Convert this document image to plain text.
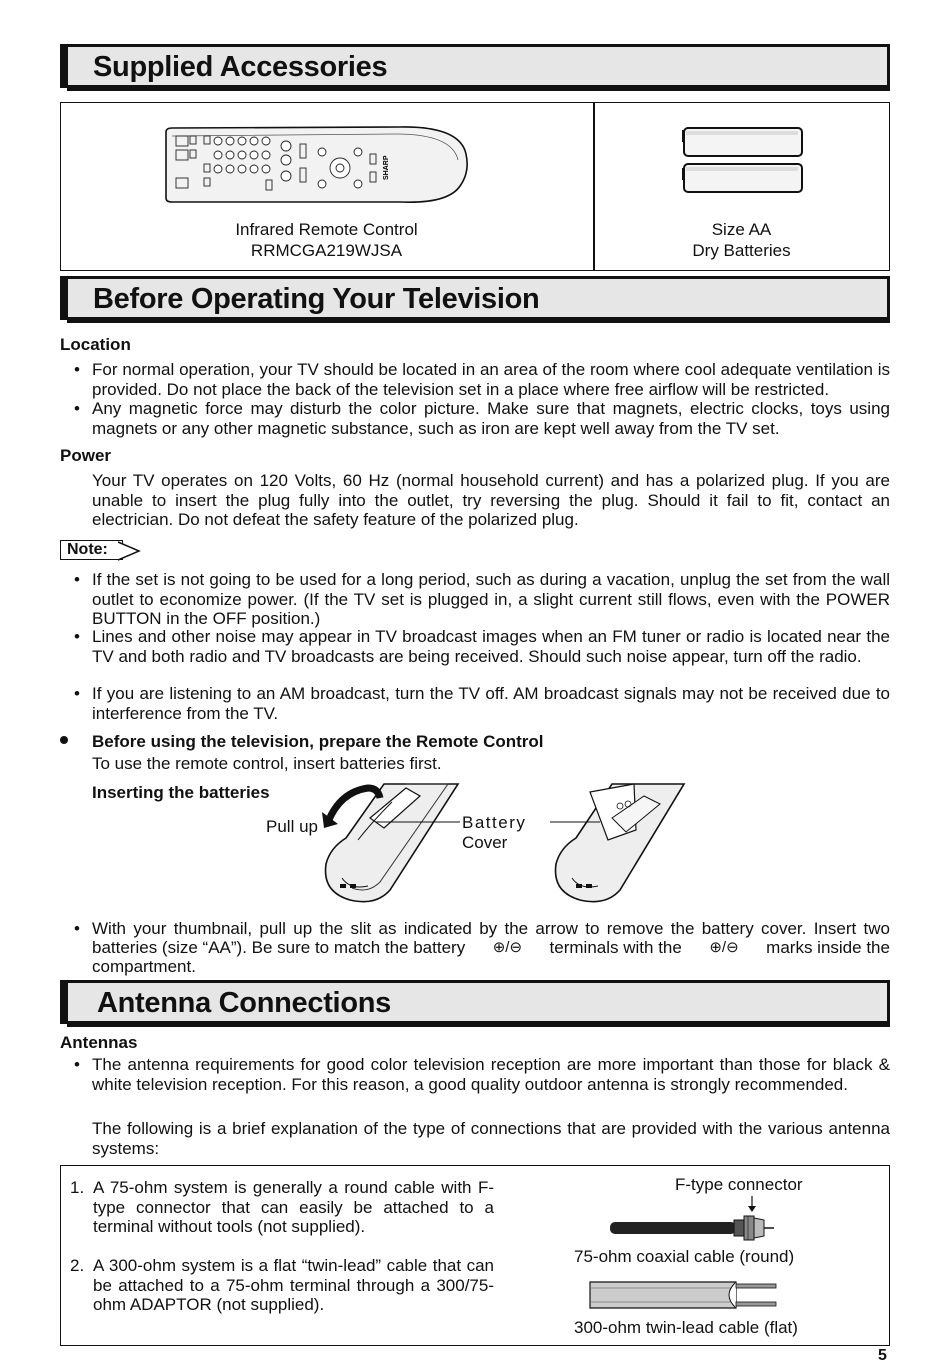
Supplied Accessories
SHARP
Infrared Remote Control
RRMCGA219WJSA
Size AA
Dry Batteries
Before Operating Your Television
Location
• For normal operation, your TV should be located in an area of the room where cool adequate ventilation is provided. Do not place the back of the television set in a place where free airflow will be restricted.
• Any magnetic force may disturb the color picture. Make sure that magnets, electric clocks, toys using magnets or any other magnetic substance, such as iron are kept well away from the TV set.
Power
Your TV operates on 120 Volts, 60 Hz (normal household current) and has a polarized plug. If you are unable to insert the plug fully into the outlet, try reversing the plug. Should it fail to fit, contact an electrician. Do not defeat the safety feature of the polarized plug.
Note:
• If the set is not going to be used for a long period, such as during a vacation, unplug the set from the wall outlet to economize power. (If the TV set is plugged in, a slight current still flows, even with the POWER BUTTON in the OFF position.)
• Lines and other noise may appear in TV broadcast images when an FM tuner or radio is located near the TV and both radio and TV broadcasts are being received. Should such noise appear, turn off the radio.
• If you are listening to an AM broadcast, turn the TV off. AM broadcast signals may not be received due to interference from the TV.
Before using the television, prepare the Remote Control
To use the remote control, insert batteries first.
Inserting the batteries
Pull up	Battery
Cover
• With your thumbnail, pull up the slit as indicated by the arrow to remove the battery cover. Insert two
batteries (size “AA”). Be sure to match the battery ⊕/⊖ terminals with the ⊕/⊖ marks inside the
compartment.
Antenna Connections
Antennas
• The antenna requirements for good color television reception are more important than those for black & white television reception. For this reason, a good quality outdoor antenna is strongly recommended.
The following is a brief explanation of the type of connections that are provided with the various antenna systems:
1. A 75-ohm system is generally a round cable with F-type connector that can easily be attached to a terminal without tools (not supplied).
2. A 300-ohm system is a flat “twin-lead” cable that can be attached to a 75-ohm terminal through a 300/75-ohm ADAPTOR (not supplied).
F-type connector
75-ohm coaxial cable (round)
300-ohm twin-lead cable (flat)
5
